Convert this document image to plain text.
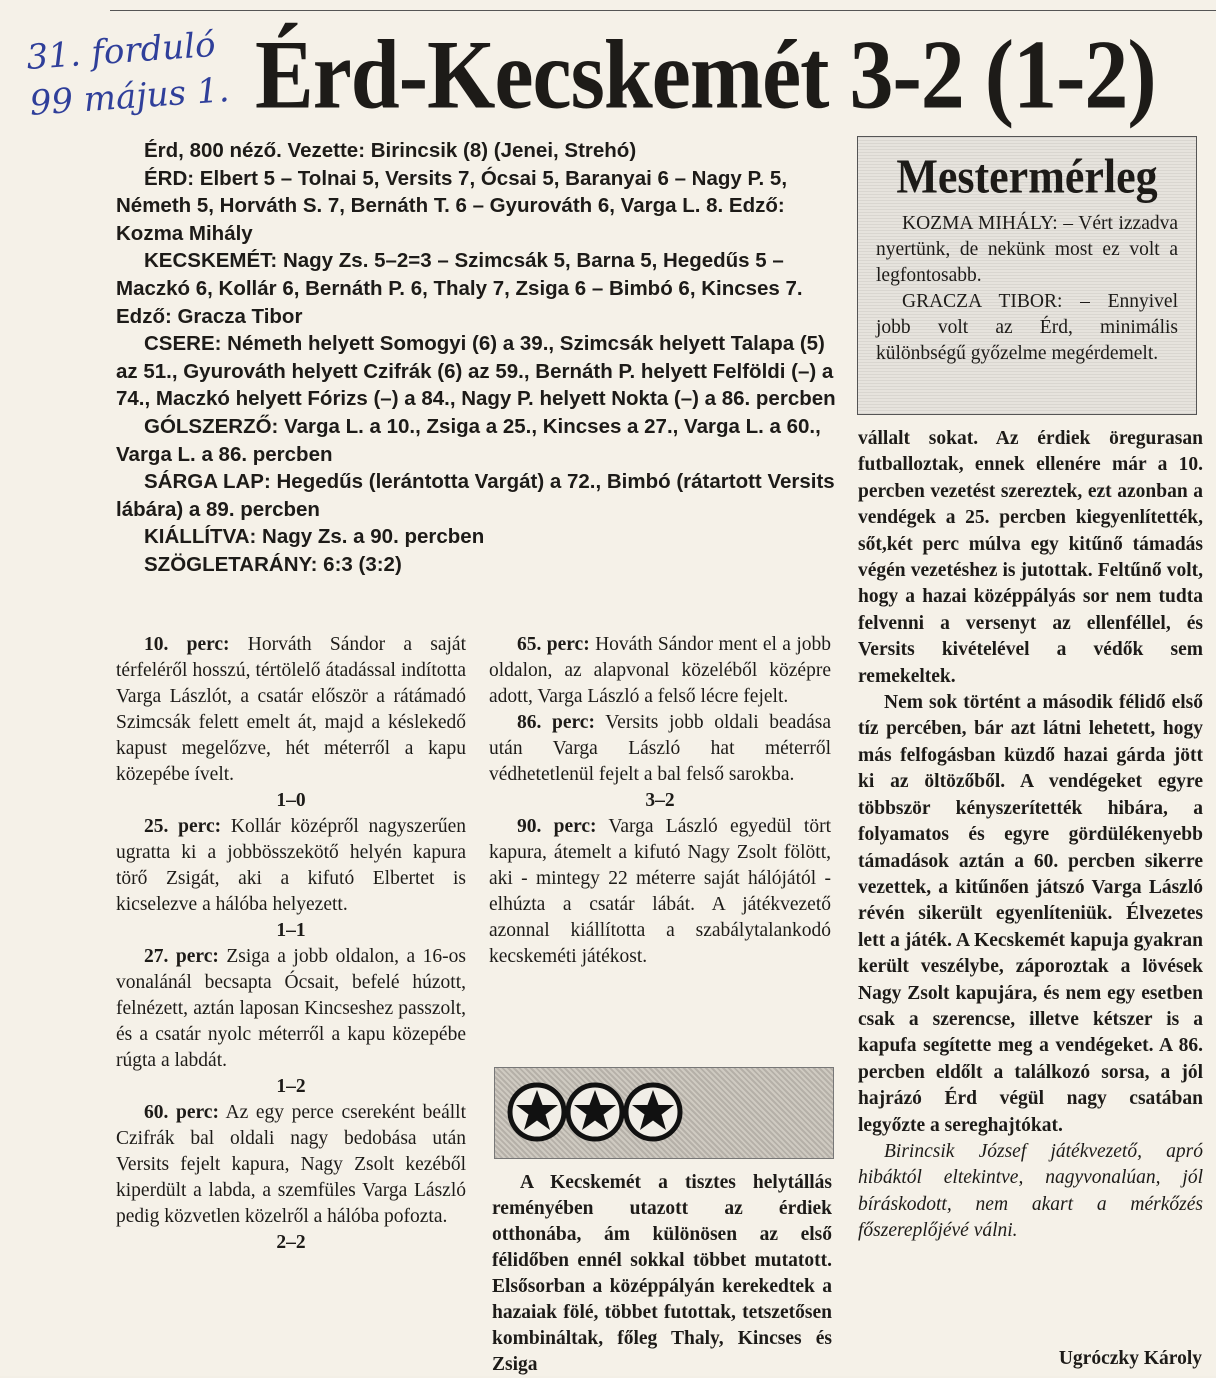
31. forduló
99 május 1. Érd-Kecskemét 3-2 (1-2)

Érd, 800 néző. Vezette: Birincsik (8) (Jenei, Strehó)

ÉRD: Elbert 5 – Tolnai 5, Versits 7, Ócsai 5, Baranyai 6 – Nagy P. 5, Németh 5, Horváth S. 7, Bernáth T. 6 – Gyurováth 6, Varga L. 8. Edző: Kozma Mihály

KECSKEMÉT: Nagy Zs. 5–2=3 – Szimcsák 5, Barna 5, Hegedűs 5 – Maczkó 6, Kollár 6, Bernáth P. 6, Thaly 7, Zsiga 6 – Bimbó 6, Kincses 7. Edző: Gracza Tibor

CSERE: Németh helyett Somogyi (6) a 39., Szimcsák helyett Talapa (5) az 51., Gyurováth helyett Czifrák (6) az 59., Bernáth P. helyett Felföldi (–) a 74., Maczkó helyett Fórizs (–) a 84., Nagy P. helyett Nokta (–) a 86. percben

GÓLSZERZŐ: Varga L. a 10., Zsiga a 25., Kincses a 27., Varga L. a 60., Varga L. a 86. percben

SÁRGA LAP: Hegedűs (lerántotta Vargát) a 72., Bimbó (rátartott Versits lábára) a 89. percben

KIÁLLÍTVA: Nagy Zs. a 90. percben

SZÖGLETARÁNY: 6:3 (3:2)

10. perc: Horváth Sándor a saját térfeléről hosszú, tértölelő átadással indította Varga Lászlót, a csatár először a rátámadó Szimcsák felett emelt át, majd a késlekedő kapust megelőzve, hét méterről a kapu közepébe ívelt.

1–0

25. perc: Kollár középről nagyszerűen ugratta ki a jobbösszekötő helyén kapura törő Zsigát, aki a kifutó Elbertet is kicselezve a hálóba helyezett.

1–1

27. perc: Zsiga a jobb oldalon, a 16-os vonalánál becsapta Ócsait, befelé húzott, felnézett, aztán laposan Kincseshez passzolt, és a csatár nyolc méterről a kapu közepébe rúgta a labdát.

1–2

60. perc: Az egy perce csereként beállt Czifrák bal oldali nagy bedobása után Versits fejelt kapura, Nagy Zsolt kezéből kiperdült a labda, a szemfüles Varga László pedig közvetlen közelről a hálóba pofozta.

2–2

65. perc: Hováth Sándor ment el a jobb oldalon, az alapvonal közeléből középre adott, Varga László a felső lécre fejelt.

86. perc: Versits jobb oldali beadása után Varga László hat méterről védhetetlenül fejelt a bal felső sarokba.

3–2

90. perc: Varga László egyedül tört kapura, átemelt a kifutó Nagy Zsolt fölött, aki - mintegy 22 méterre saját hálójától - elhúzta a csatár lábát. A játékvezető azonnal kiállította a szabálytalankodó kecskeméti játékost.

A Kecskemét a tisztes helytállás reményében utazott az érdiek otthonába, ám különösen az első félidőben ennél sokkal többet mutatott. Elsősorban a középpályán kerekedtek a hazaiak fölé, többet futottak, tetszetősen kombináltak, főleg Thaly, Kincses és Zsiga

Mestermérleg

KOZMA MIHÁLY: – Vért izzadva nyertünk, de nekünk most ez volt a legfontosabb.

GRACZA TIBOR: – Ennyivel jobb volt az Érd, minimális különbségű győzelme megérdemelt.

vállalt sokat. Az érdiek öregurasan futballoztak, ennek ellenére már a 10. percben vezetést szereztek, ezt azonban a vendégek a 25. percben kiegyenlítették, sőt,két perc múlva egy kitűnő támadás végén vezetéshez is jutottak. Feltűnő volt, hogy a hazai középpályás sor nem tudta felvenni a versenyt az ellenféllel, és Versits kivételével a védők sem remekeltek.

Nem sok történt a második félidő első tíz percében, bár azt látni lehetett, hogy más felfogásban küzdő hazai gárda jött ki az öltözőből. A vendégeket egyre többször kényszerítették hibára, a folyamatos és egyre gördülékenyebb támadások aztán a 60. percben sikerre vezettek, a kitűnően játszó Varga László révén sikerült egyenlíteniük. Élvezetes lett a játék. A Kecskemét kapuja gyakran került veszélybe, záporoztak a lövések Nagy Zsolt kapujára, és nem egy esetben csak a szerencse, illetve kétszer is a kapufa segítette meg a vendégeket. A 86. percben eldőlt a találkozó sorsa, a jól hajrázó Érd végül nagy csatában legyőzte a sereghajtókat.

Birincsik József játékvezető, apró hibáktól eltekintve, nagyvonalúan, jól bíráskodott, nem akart a mérkőzés főszereplőjévé válni.

Ugróczky Károly
